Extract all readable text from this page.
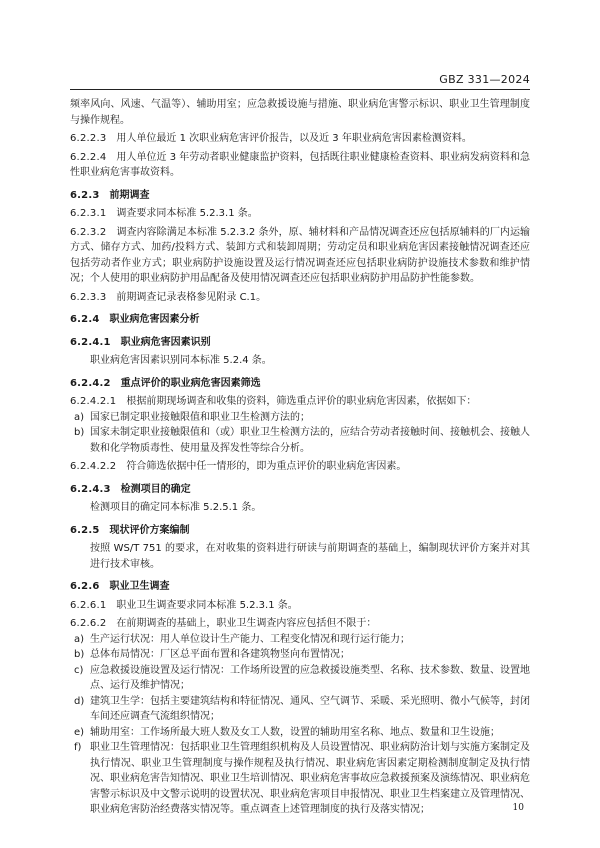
GBZ 331—2024

频率风向、风速、气温等）、辅助用室；应急救援设施与措施、职业病危害警示标识、职业卫生管理制度与操作规程。

6.2.2.3 用人单位最近 1 次职业病危害评价报告，以及近 3 年职业病危害因素检测资料。

6.2.2.4 用人单位近 3 年劳动者职业健康监护资料，包括既往职业健康检查资料、职业病发病资料和急性职业病危害事故资料。

6.2.3 前期调查

6.2.3.1 调查要求同本标准 5.2.3.1 条。

6.2.3.2 调查内容除满足本标准 5.2.3.2 条外，原、辅材料和产品情况调查还应包括原辅料的厂内运输方式、储存方式、加药/投料方式、装卸方式和装卸周期；劳动定员和职业病危害因素接触情况调查还应包括劳动者作业方式；职业病防护设施设置及运行情况调查还应包括职业病防护设施技术参数和维护情况；个人使用的职业病防护用品配备及使用情况调查还应包括职业病防护用品防护性能参数。

6.2.3.3 前期调查记录表格参见附录 C.1。

6.2.4 职业病危害因素分析
6.2.4.1 职业病危害因素识别

职业病危害因素识别同本标准 5.2.4 条。

6.2.4.2 重点评价的职业病危害因素筛选

6.2.4.2.1 根据前期现场调查和收集的资料，筛选重点评价的职业病危害因素，依据如下：

a) 国家已制定职业接触限值和职业卫生检测方法的；
b) 国家未制定职业接触限值和（或）职业卫生检测方法的，应结合劳动者接触时间、接触机会、接触人数和化学物质毒性、使用量及挥发性等综合分析。

6.2.4.2.2 符合筛选依据中任一情形的，即为重点评价的职业病危害因素。

6.2.4.3 检测项目的确定

检测项目的确定同本标准 5.2.5.1 条。

6.2.5 现状评价方案编制

按照 WS/T 751 的要求，在对收集的资料进行研读与前期调查的基础上，编制现状评价方案并对其进行技术审核。

6.2.6 职业卫生调查

6.2.6.1 职业卫生调查要求同本标准 5.2.3.1 条。

6.2.6.2 在前期调查的基础上，职业卫生调查内容应包括但不限于：

a) 生产运行状况：用人单位设计生产能力、工程变化情况和现行运行能力；
b) 总体布局情况：厂区总平面布置和各建筑物竖向布置情况；
c) 应急救援设施设置及运行情况：工作场所设置的应急救援设施类型、名称、技术参数、数量、设置地点、运行及维护情况；
d) 建筑卫生学：包括主要建筑结构和特征情况、通风、空气调节、采暖、采光照明、微小气候等，封闭车间还应调查气流组织情况；
e) 辅助用室：工作场所最大班人数及女工人数，设置的辅助用室名称、地点、数量和卫生设施；
f) 职业卫生管理情况：包括职业卫生管理组织机构及人员设置情况、职业病防治计划与实施方案制定及执行情况、职业卫生管理制度与操作规程及执行情况、职业病危害因素定期检测制度制定及执行情况、职业病危害告知情况、职业卫生培训情况、职业病危害事故应急救援预案及演练情况、职业病危害警示标识及中文警示说明的设置状况、职业病危害项目申报情况、职业卫生档案建立及管理情况、职业病危害防治经费落实情况等。重点调查上述管理制度的执行及落实情况；	10
